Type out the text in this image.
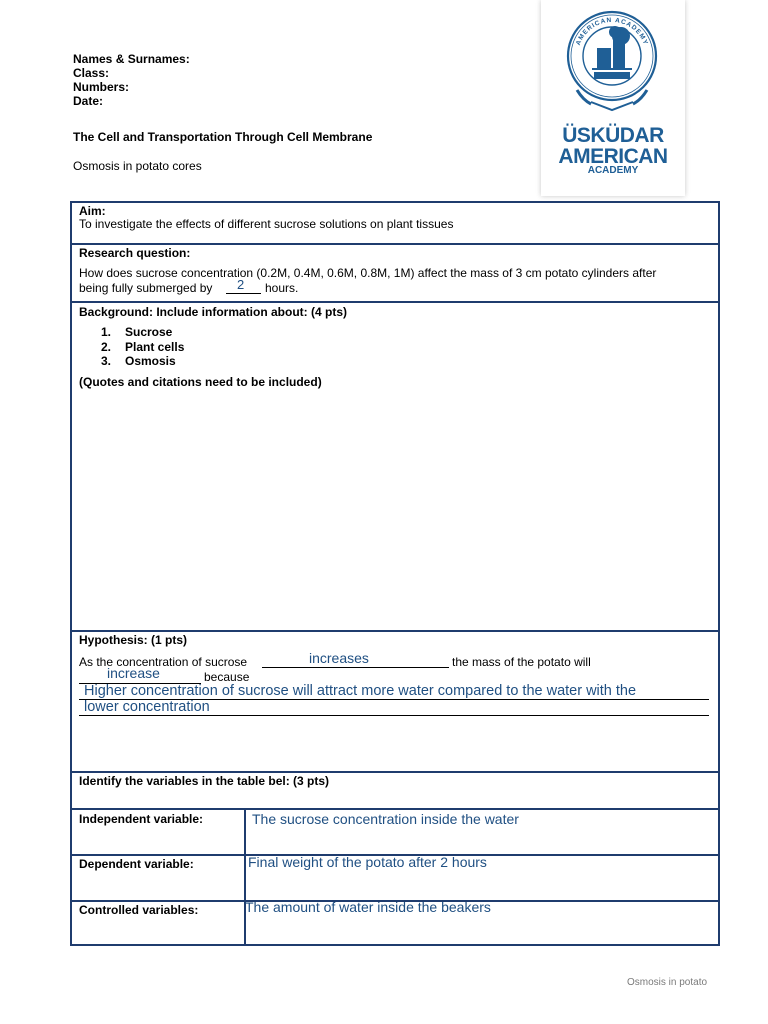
Names & Surnames:
Class:
Numbers:
Date:
The Cell and Transportation Through Cell Membrane
Osmosis in potato cores
AMERICAN ACADEMY
ÜSKÜDAR
AMERICAN
ACADEMY
Aim:
To investigate the effects of different sucrose solutions on plant tissues
Research question:
How does sucrose concentration (0.2M, 0.4M, 0.6M, 0.8M, 1M) affect the mass of 3 cm potato cylinders after
being fully submerged by 2 hours.
Background: Include information about: (4 pts)
1. Sucrose
2. Plant cells
3. Osmosis
(Quotes and citations need to be included)
Hypothesis: (1 pts)
As the concentration of sucrose	increases	the mass of the potato will
increase	because
Higher concentration of sucrose will attract more water compared to the water with the
lower concentration
Identify the variables in the table bel: (3 pts)
Independent variable:	The sucrose concentration inside the water
Dependent variable:	Final weight of the potato after 2 hours
Controlled variables:	The amount of water inside the beakers
Osmosis in potato
